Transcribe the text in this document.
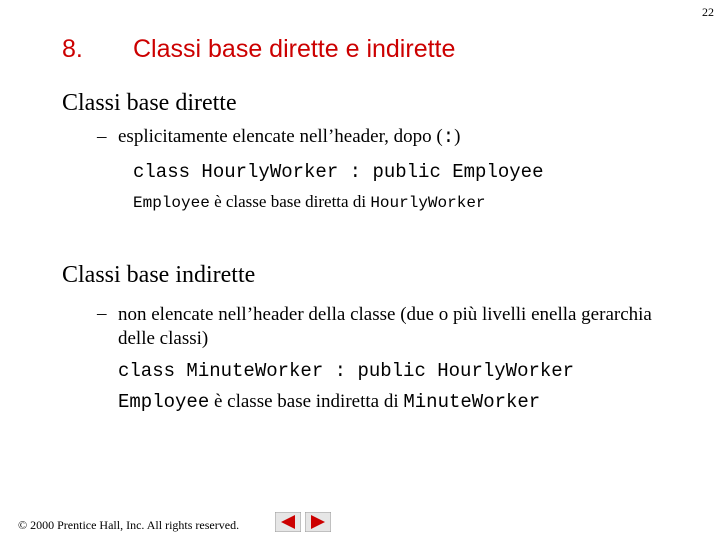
22
8. Classi base dirette e indirette
Classi base dirette
– esplicitamente elencate nell’header, dopo (:)
class HourlyWorker : public Employee
Employee è classe base diretta di HourlyWorker
Classi base indirette
– non elencate nell’header della classe (due o più livelli enella gerarchia delle classi)
class MinuteWorker : public HourlyWorker
Employee è classe base indiretta di MinuteWorker
© 2000 Prentice Hall, Inc. All rights reserved.
